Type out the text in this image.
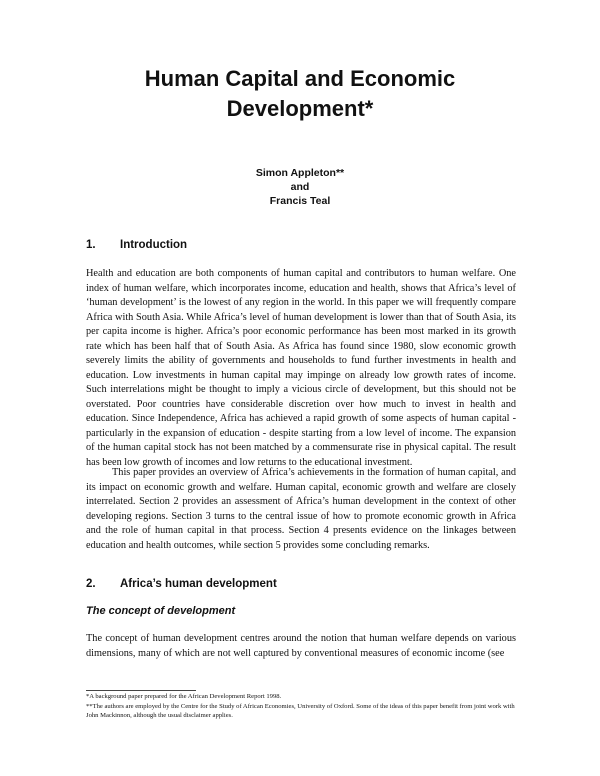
Human Capital and Economic
Development*
Simon Appleton**
and
Francis Teal
1. Introduction

Health and education are both components of human capital and contributors to human welfare. One index of human welfare, which incorporates income, education and health, shows that Africa’s level of ‘human development’ is the lowest of any region in the world. In this paper we will frequently compare Africa with South Asia. While Africa’s level of human development is lower than that of South Asia, its per capita income is higher. Africa’s poor economic performance has been most marked in its growth rate which has been half that of South Asia. As Africa has found since 1980, slow economic growth severely limits the ability of governments and households to fund further investments in health and education. Low investments in human capital may impinge on already low growth rates of income. Such interrelations might be thought to imply a vicious circle of development, but this should not be overstated. Poor countries have considerable discretion over how much to invest in health and education. Since Independence, Africa has achieved a rapid growth of some aspects of human capital - particularly in the expansion of education - despite starting from a low level of income. The expansion of the human capital stock has not been matched by a commensurate rise in physical capital. The result has been low growth of incomes and low returns to the educational investment.

This paper provides an overview of Africa’s achievements in the formation of human capital, and its impact on economic growth and welfare. Human capital, economic growth and welfare are closely interrelated. Section 2 provides an assessment of Africa’s human development in the context of other developing regions. Section 3 turns to the central issue of how to promote economic growth in Africa and the role of human capital in that process. Section 4 presents evidence on the linkages between education and health outcomes, while section 5 provides some concluding remarks.

2. Africa’s human development
The concept of development

The concept of human development centres around the notion that human welfare depends on various dimensions, many of which are not well captured by conventional measures of economic income (see

*A background paper prepared for the African Development Report 1998.

**The authors are employed by the Centre for the Study of African Economies, University of Oxford. Some of the ideas of this paper benefit from joint work with John Mackinnon, although the usual disclaimer applies.
